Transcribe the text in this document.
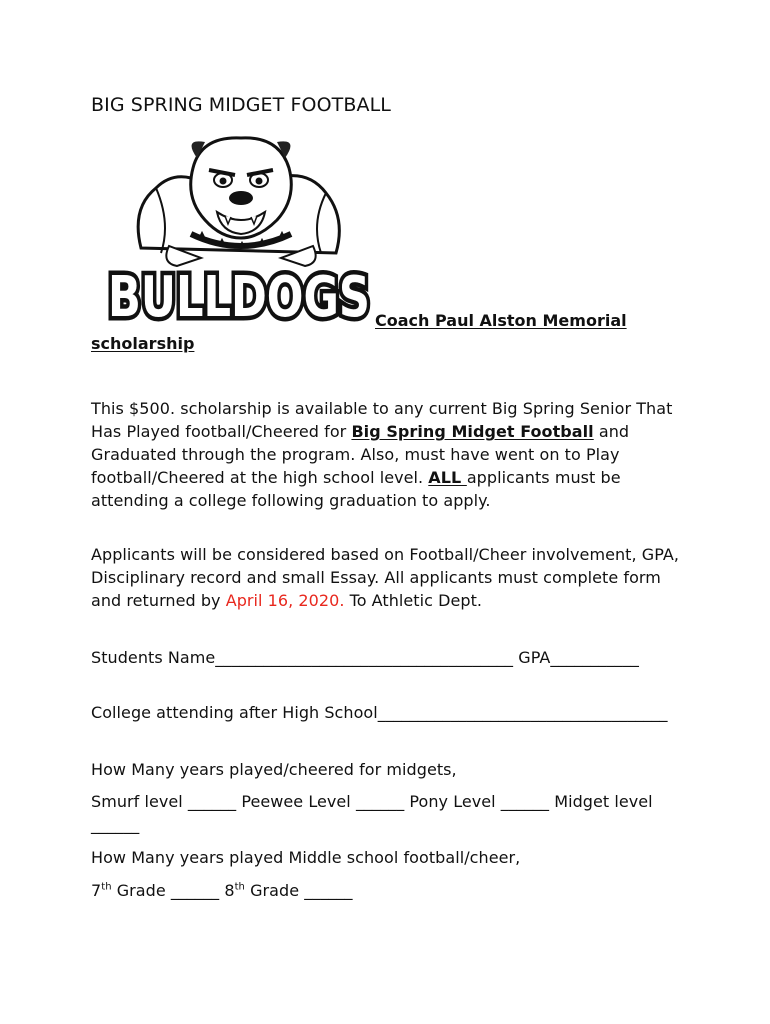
BIG SPRING MIDGET FOOTBALL
BULLDOGS Coach Paul Alston Memorial
scholarship
This $500. scholarship is available to any current Big Spring Senior That Has Played football/Cheered for Big Spring Midget Football and Graduated through the program. Also, must have went on to Play football/Cheered at the high school level. ALL applicants must be attending a college following graduation to apply.
Applicants will be considered based on Football/Cheer involvement, GPA, Disciplinary record and small Essay. All applicants must complete form and returned by April 16, 2020. To Athletic Dept.
Students Name_____________________________________ GPA___________
College attending after High School____________________________________
How Many years played/cheered for midgets,
Smurf level ______ Peewee Level ______ Pony Level ______ Midget level ______
How Many years played Middle school football/cheer,
7th Grade ______ 8th Grade ______
